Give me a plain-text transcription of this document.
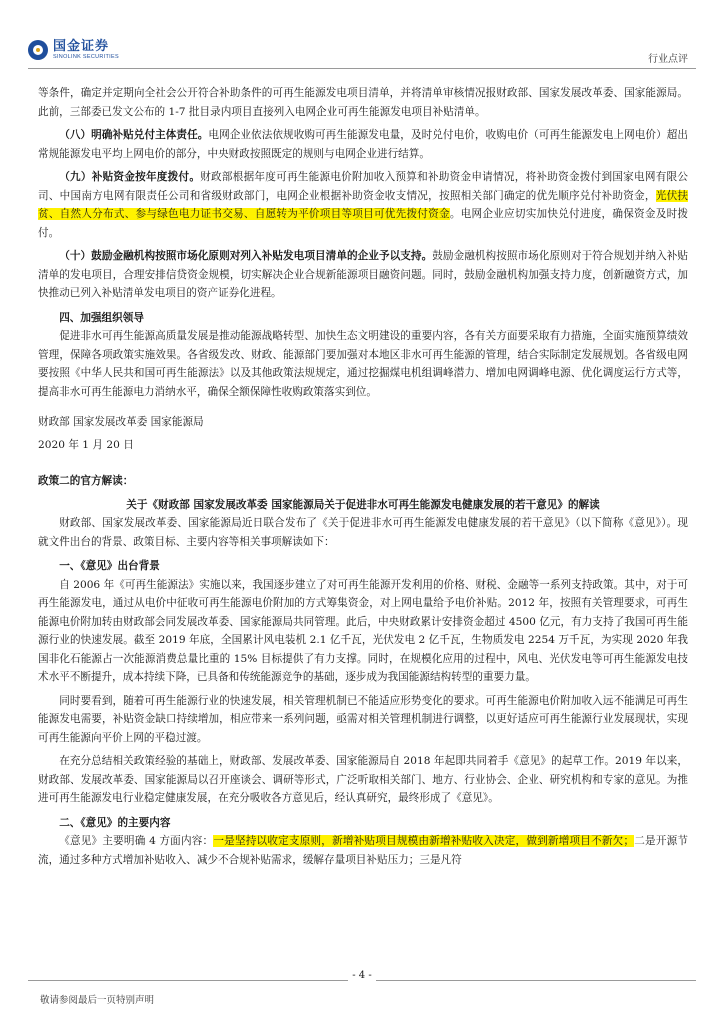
国金证券
SINOLINK SECURITIES	行业点评

等条件，确定并定期向全社会公开符合补助条件的可再生能源发电项目清单，并将清单审核情况报财政部、国家发展改革委、国家能源局。此前，三部委已发文公布的 1-7 批目录内项目直接列入电网企业可再生能源发电项目补贴清单。

（八）明确补贴兑付主体责任。电网企业依法依规收购可再生能源发电量，及时兑付电价，收购电价（可再生能源发电上网电价）超出常规能源发电平均上网电价的部分，中央财政按照既定的规则与电网企业进行结算。

（九）补贴资金按年度拨付。财政部根据年度可再生能源电价附加收入预算和补助资金申请情况，将补助资金拨付到国家电网有限公司、中国南方电网有限责任公司和省级财政部门，电网企业根据补助资金收支情况，按照相关部门确定的优先顺序兑付补助资金，光伏扶贫、自然人分布式、参与绿色电力证书交易、自愿转为平价项目等项目可优先拨付资金。电网企业应切实加快兑付进度，确保资金及时拨付。

（十）鼓励金融机构按照市场化原则对列入补贴发电项目清单的企业予以支持。鼓励金融机构按照市场化原则对于符合规划并纳入补贴清单的发电项目，合理安排信贷资金规模，切实解决企业合规新能源项目融资问题。同时，鼓励金融机构加强支持力度，创新融资方式，加快推动已列入补贴清单发电项目的资产证券化进程。

四、加强组织领导

促进非水可再生能源高质量发展是推动能源战略转型、加快生态文明建设的重要内容，各有关方面要采取有力措施，全面实施预算绩效管理，保障各项政策实施效果。各省级发改、财政、能源部门要加强对本地区非水可再生能源的管理，结合实际制定发展规划。各省级电网要按照《中华人民共和国可再生能源法》以及其他政策法规规定，通过挖掘煤电机组调峰潜力、增加电网调峰电源、优化调度运行方式等，提高非水可再生能源电力消纳水平，确保全额保障性收购政策落实到位。

财政部 国家发展改革委 国家能源局

2020 年 1 月 20 日

政策二的官方解读：

关于《财政部 国家发展改革委 国家能源局关于促进非水可再生能源发电健康发展的若干意见》的解读

财政部、国家发展改革委、国家能源局近日联合发布了《关于促进非水可再生能源发电健康发展的若干意见》（以下简称《意见》）。现就文件出台的背景、政策目标、主要内容等相关事项解读如下：

一、《意见》出台背景

自 2006 年《可再生能源法》实施以来，我国逐步建立了对可再生能源开发利用的价格、财税、金融等一系列支持政策。其中，对于可再生能源发电，通过从电价中征收可再生能源电价附加的方式筹集资金，对上网电量给予电价补贴。2012 年，按照有关管理要求，可再生能源电价附加转由财政部会同发展改革委、国家能源局共同管理。此后，中央财政累计安排资金超过 4500 亿元，有力支持了我国可再生能源行业的快速发展。截至 2019 年底，全国累计风电装机 2.1 亿千瓦，光伏发电 2 亿千瓦，生物质发电 2254 万千瓦，为实现 2020 年我国非化石能源占一次能源消费总量比重的 15% 目标提供了有力支撑。同时，在规模化应用的过程中，风电、光伏发电等可再生能源发电技术水平不断提升，成本持续下降，已具备和传统能源竞争的基础，逐步成为我国能源结构转型的重要力量。

同时要看到，随着可再生能源行业的快速发展，相关管理机制已不能适应形势变化的要求。可再生能源电价附加收入远不能满足可再生能源发电需要，补贴资金缺口持续增加，相应带来一系列问题，亟需对相关管理机制进行调整，以更好适应可再生能源行业发展现状，实现可再生能源向平价上网的平稳过渡。

在充分总结相关政策经验的基础上，财政部、发展改革委、国家能源局自 2018 年起即共同着手《意见》的起草工作。2019 年以来，财政部、发展改革委、国家能源局以召开座谈会、调研等形式，广泛听取相关部门、地方、行业协会、企业、研究机构和专家的意见。为推进可再生能源发电行业稳定健康发展，在充分吸收各方意见后，经认真研究，最终形成了《意见》。

二、《意见》的主要内容

《意见》主要明确 4 方面内容：一是坚持以收定支原则，新增补贴项目规模由新增补贴收入决定，做到新增项目不新欠；二是开源节流，通过多种方式增加补贴收入、减少不合规补贴需求，缓解存量项目补贴压力；三是凡符

- 4 -
敬请参阅最后一页特别声明
